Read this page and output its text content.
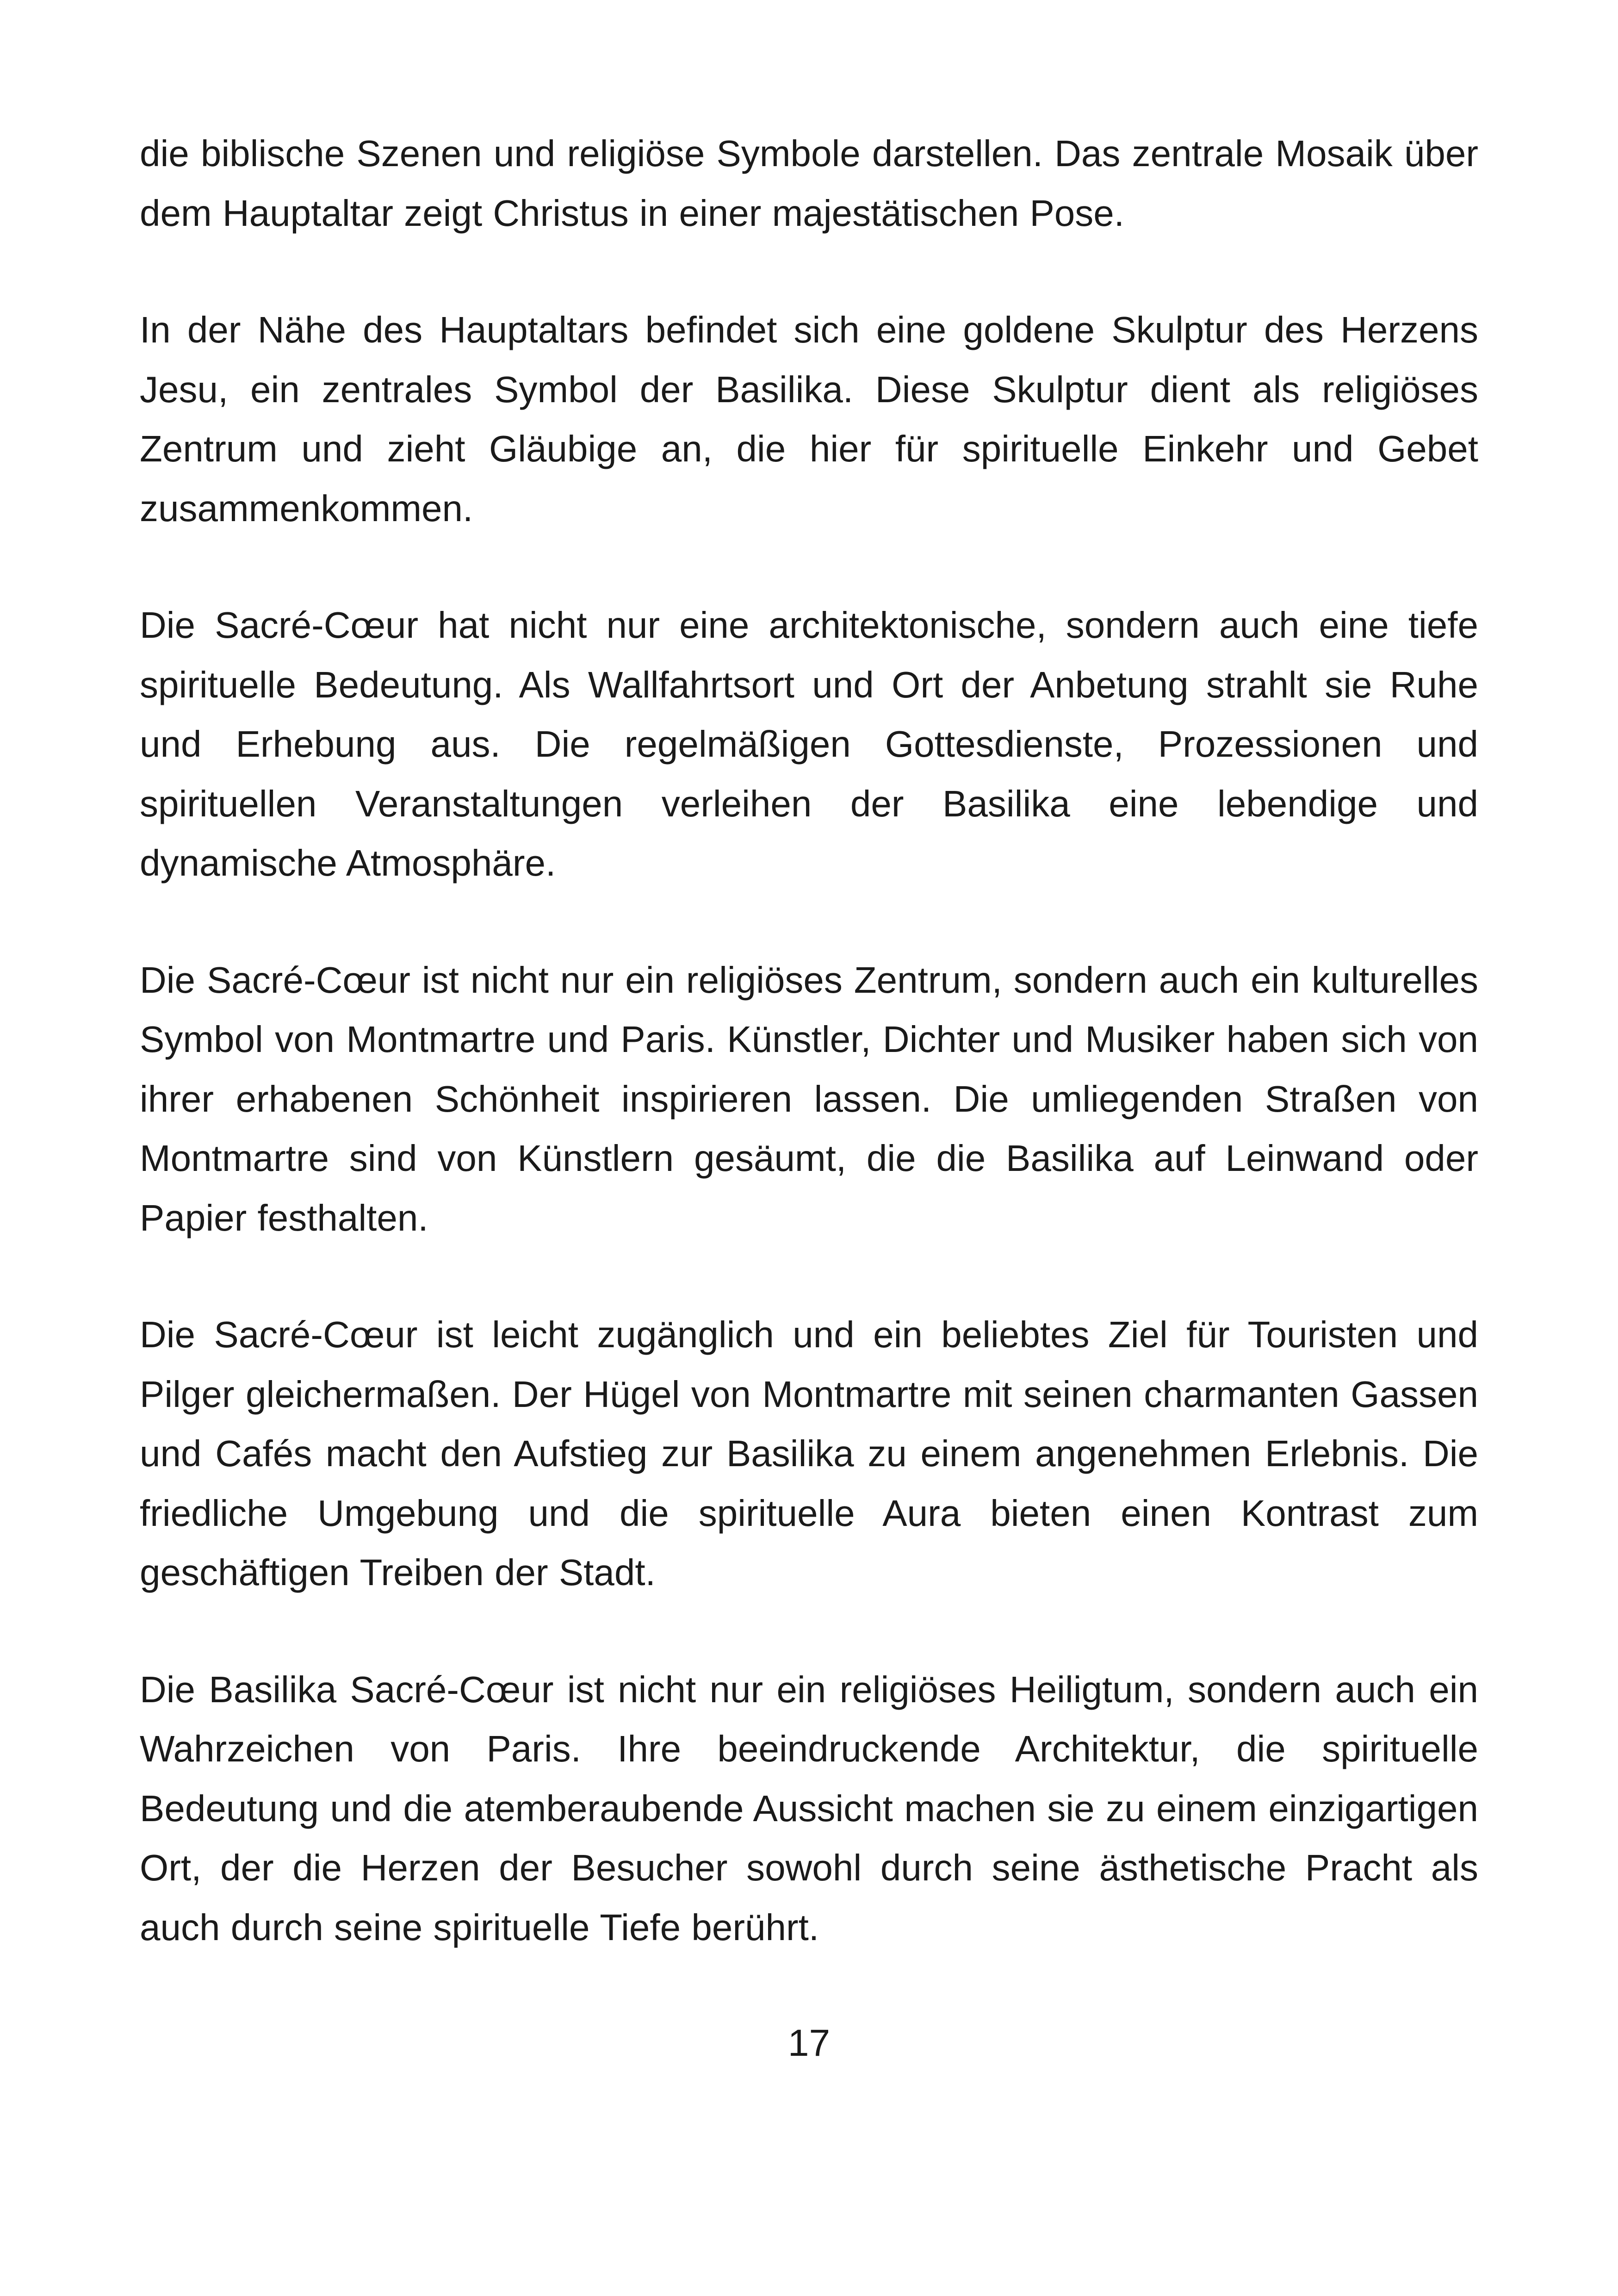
die biblische Szenen und religiöse Symbole darstellen. Das zentrale Mosaik über dem Hauptaltar zeigt Christus in einer majestätischen Pose.

In der Nähe des Hauptaltars befindet sich eine goldene Skulptur des Herzens Jesu, ein zentrales Symbol der Basilika. Diese Skulptur dient als religiöses Zentrum und zieht Gläubige an, die hier für spirituelle Einkehr und Gebet zusammenkommen.

Die Sacré-Cœur hat nicht nur eine architektonische, sondern auch eine tiefe spirituelle Bedeutung. Als Wallfahrtsort und Ort der Anbetung strahlt sie Ruhe und Erhebung aus. Die regelmäßigen Gottesdienste, Prozessionen und spirituellen Veranstaltungen verleihen der Basilika eine lebendige und dynamische Atmosphäre.

Die Sacré-Cœur ist nicht nur ein religiöses Zentrum, sondern auch ein kulturelles Symbol von Montmartre und Paris. Künstler, Dichter und Musiker haben sich von ihrer erhabenen Schönheit inspirieren lassen. Die umliegenden Straßen von Montmartre sind von Künstlern gesäumt, die die Basilika auf Leinwand oder Papier festhalten.

Die Sacré-Cœur ist leicht zugänglich und ein beliebtes Ziel für Touristen und Pilger gleichermaßen. Der Hügel von Montmartre mit seinen charmanten Gassen und Cafés macht den Aufstieg zur Basilika zu einem angenehmen Erlebnis. Die friedliche Umgebung und die spirituelle Aura bieten einen Kontrast zum geschäftigen Treiben der Stadt.

Die Basilika Sacré-Cœur ist nicht nur ein religiöses Heiligtum, sondern auch ein Wahrzeichen von Paris. Ihre beeindruckende Architektur, die spirituelle Bedeutung und die atemberaubende Aussicht machen sie zu einem einzigartigen Ort, der die Herzen der Besucher sowohl durch seine ästhetische Pracht als auch durch seine spirituelle Tiefe berührt.

17
